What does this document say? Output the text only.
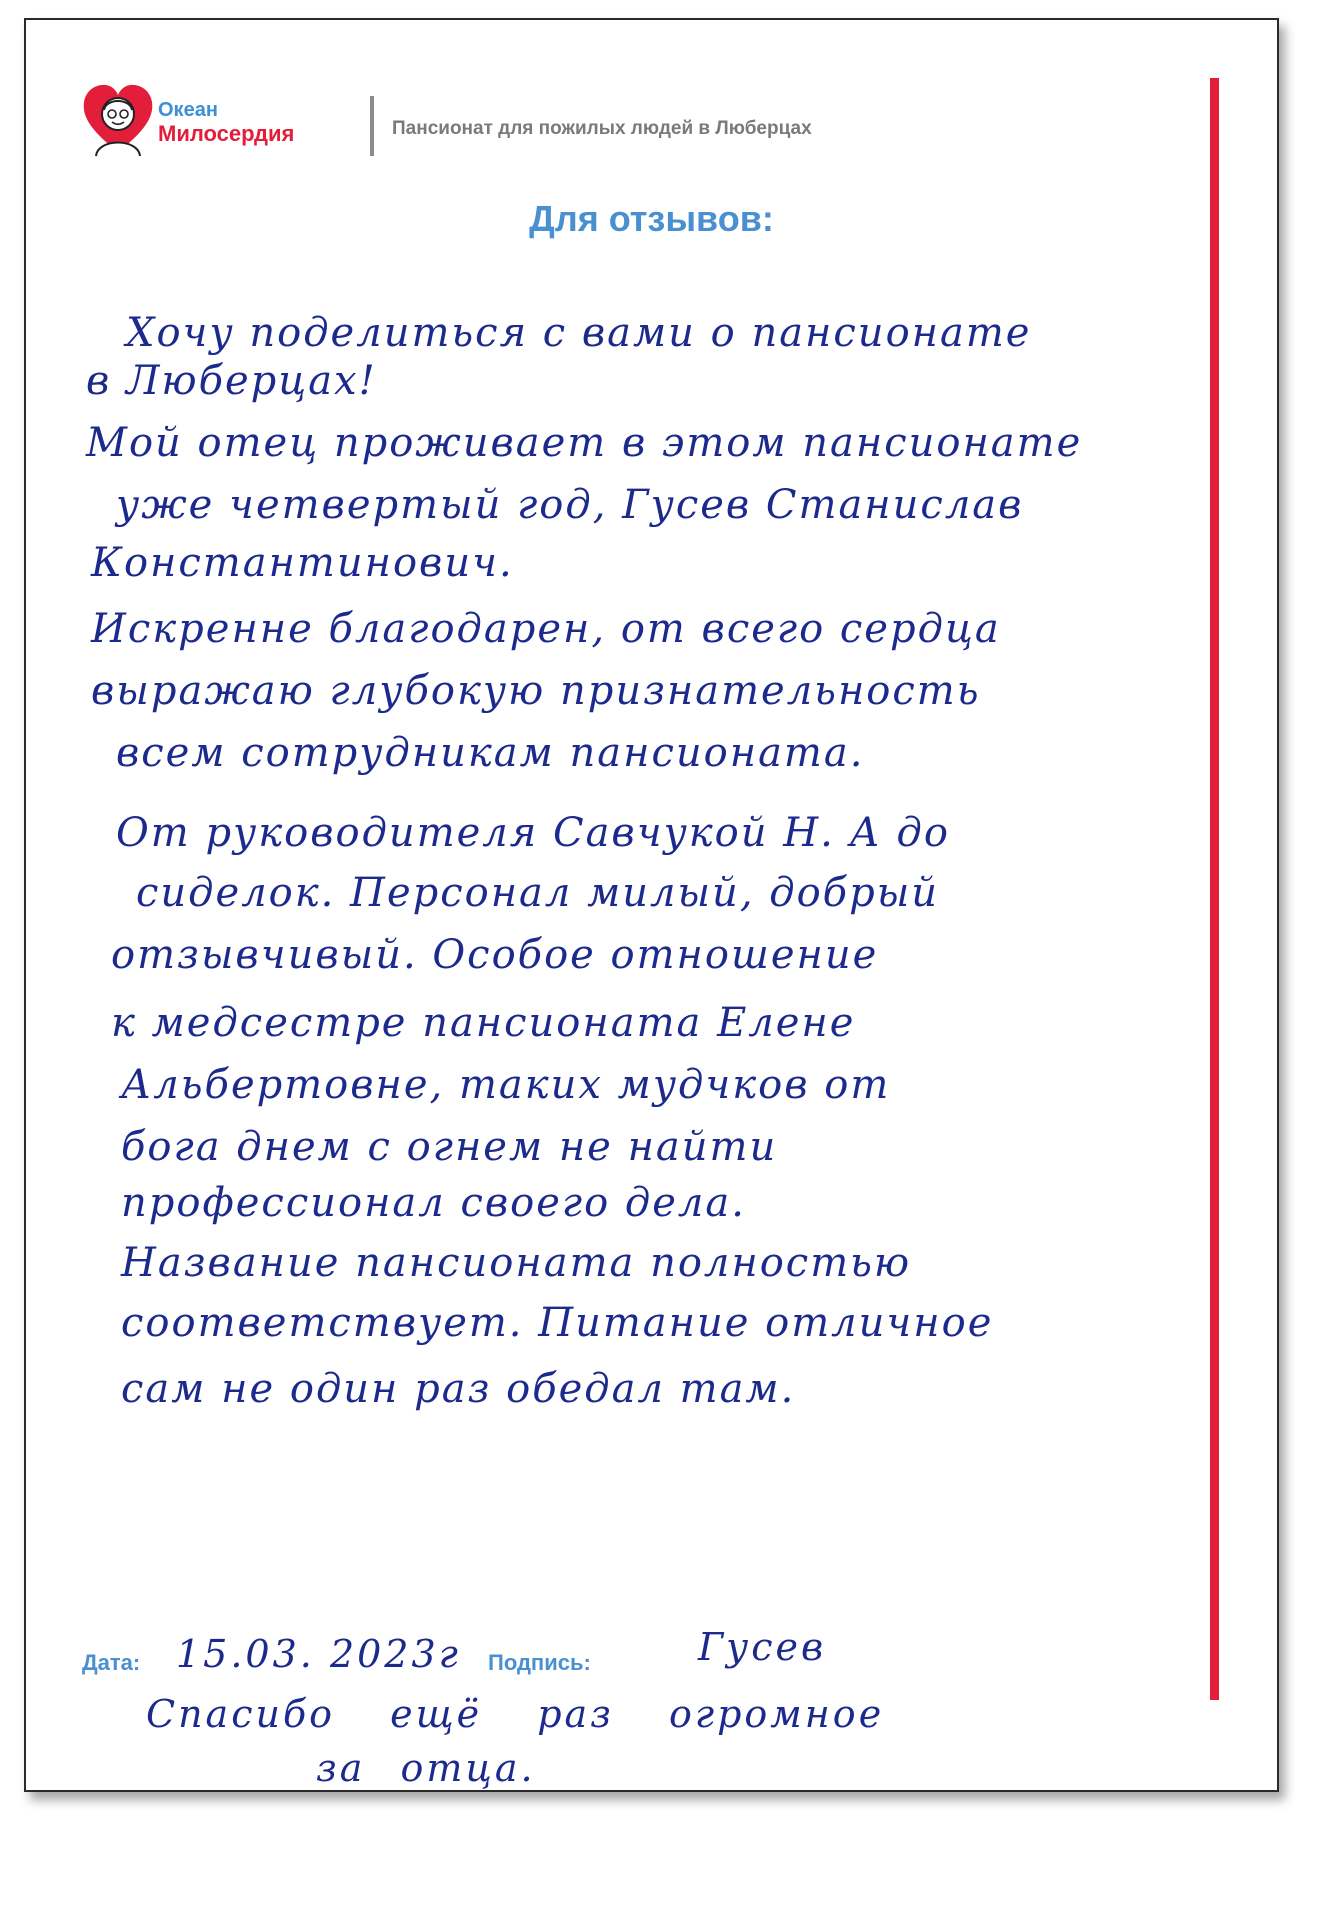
Океан
Милосердия	Пансионат для пожилых людей в Люберцах
Для отзывов:
Хочу поделиться с вами о пансионате
в Люберцах!
Мой отец проживает в этом пансионате
уже четвертый год, Гусев Станислав
Константинович.
Искренне благодарен, от всего сердца
выражаю глубокую признательность
всем сотрудникам пансионата.
От руководителя Савчукой Н. А до
сиделок. Персонал милый, добрый
отзывчивый. Особое отношение
к медсестре пансионата Елене
Альбертовне, таких мудчков от
бога днем с огнем не найти
профессионал своего дела.
Название пансионата полностью
соответствует. Питание отличное
сам не один раз обедал там.
Дата: 15.03. 2023г Подпись:	Гусев
Спасибо ещё раз огромное
за отца.
